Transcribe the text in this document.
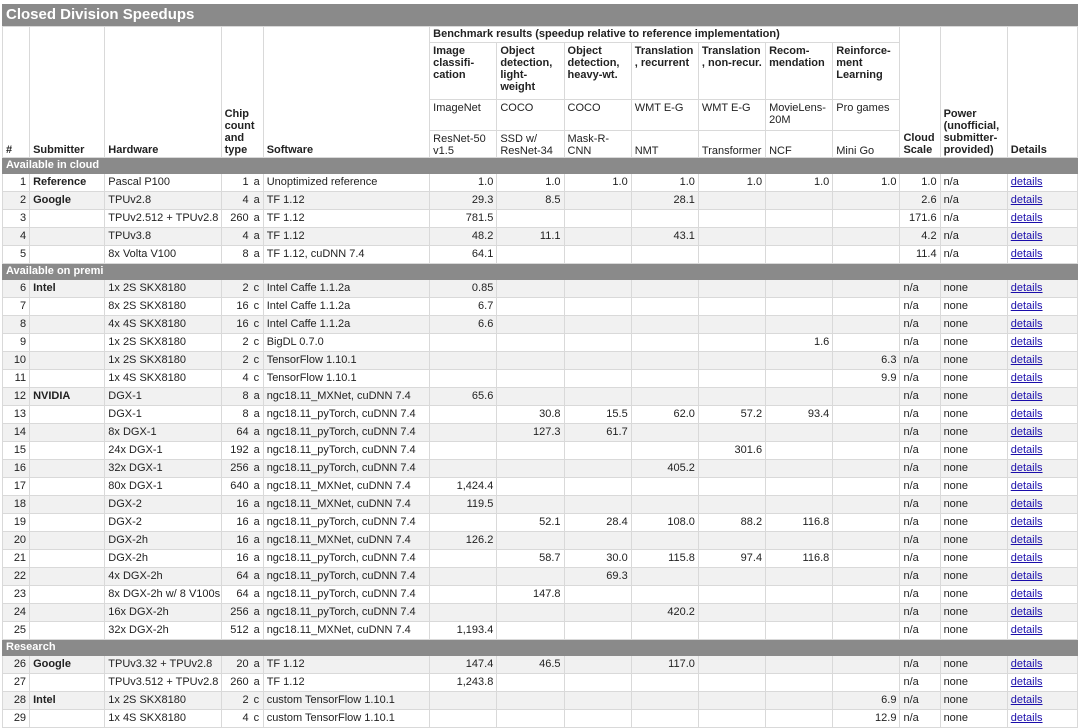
Closed Division Speedups
#	Submitter	Hardware	Chip count and type	Software	Benchmark results (speedup relative to reference implementation)							Cloud Scale	Power (unofficial, submitter-provided)	Details
					Image classifi-cation	Object detection, light-weight	Object detection, heavy-wt.	Translation , recurrent	Translation , non-recur.	Recom-mendation	Reinforce-ment Learning			
					ImageNet	COCO	COCO	WMT E-G	WMT E-G	MovieLens-20M	Pro games			
					ResNet-50 v1.5	SSD w/ ResNet-34	Mask-R-CNN	NMT	Transformer	NCF	Mini Go			
Available in cloud														
1	Reference	Pascal P100	1 a	Unoptimized reference	1.0	1.0	1.0	1.0	1.0	1.0	1.0	1.0	n/a	details
2	Google	TPUv2.8	4 a	TF 1.12	29.3	8.5		28.1				2.6	n/a	details
3		TPUv2.512 + TPUv2.8	260 a	TF 1.12	781.5							171.6	n/a	details
4		TPUv3.8	4 a	TF 1.12	48.2	11.1		43.1				4.2	n/a	details
5		8x Volta V100	8 a	TF 1.12, cuDNN 7.4	64.1							11.4	n/a	details
Available on premi														
6	Intel	1x 2S SKX8180	2 c	Intel Caffe 1.1.2a	0.85							n/a	none	details
7		8x 2S SKX8180	16 c	Intel Caffe 1.1.2a	6.7							n/a	none	details
8		4x 4S SKX8180	16 c	Intel Caffe 1.1.2a	6.6							n/a	none	details
9		1x 2S SKX8180	2 c	BigDL 0.7.0						1.6		n/a	none	details
10		1x 2S SKX8180	2 c	TensorFlow 1.10.1							6.3	n/a	none	details
11		1x 4S SKX8180	4 c	TensorFlow 1.10.1							9.9	n/a	none	details
12	NVIDIA	DGX-1	8 a	ngc18.11_MXNet, cuDNN 7.4	65.6							n/a	none	details
13		DGX-1	8 a	ngc18.11_pyTorch, cuDNN 7.4		30.8	15.5	62.0	57.2	93.4		n/a	none	details
14		8x DGX-1	64 a	ngc18.11_pyTorch, cuDNN 7.4		127.3	61.7					n/a	none	details
15		24x DGX-1	192 a	ngc18.11_pyTorch, cuDNN 7.4					301.6			n/a	none	details
16		32x DGX-1	256 a	ngc18.11_pyTorch, cuDNN 7.4				405.2				n/a	none	details
17		80x DGX-1	640 a	ngc18.11_MXNet, cuDNN 7.4	1,424.4							n/a	none	details
18		DGX-2	16 a	ngc18.11_MXNet, cuDNN 7.4	119.5							n/a	none	details
19		DGX-2	16 a	ngc18.11_pyTorch, cuDNN 7.4		52.1	28.4	108.0	88.2	116.8		n/a	none	details
20		DGX-2h	16 a	ngc18.11_MXNet, cuDNN 7.4	126.2							n/a	none	details
21		DGX-2h	16 a	ngc18.11_pyTorch, cuDNN 7.4		58.7	30.0	115.8	97.4	116.8		n/a	none	details
22		4x DGX-2h	64 a	ngc18.11_pyTorch, cuDNN 7.4			69.3					n/a	none	details
23		8x DGX-2h w/ 8 V100s	64 a	ngc18.11_pyTorch, cuDNN 7.4		147.8						n/a	none	details
24		16x DGX-2h	256 a	ngc18.11_pyTorch, cuDNN 7.4				420.2				n/a	none	details
25		32x DGX-2h	512 a	ngc18.11_MXNet, cuDNN 7.4	1,193.4							n/a	none	details
Research														
26	Google	TPUv3.32 + TPUv2.8	20 a	TF 1.12	147.4	46.5		117.0				n/a	none	details
27		TPUv3.512 + TPUv2.8	260 a	TF 1.12	1,243.8							n/a	none	details
28	Intel	1x 2S SKX8180	2 c	custom TensorFlow 1.10.1							6.9	n/a	none	details
29		1x 4S SKX8180	4 c	custom TensorFlow 1.10.1							12.9	n/a	none	details
